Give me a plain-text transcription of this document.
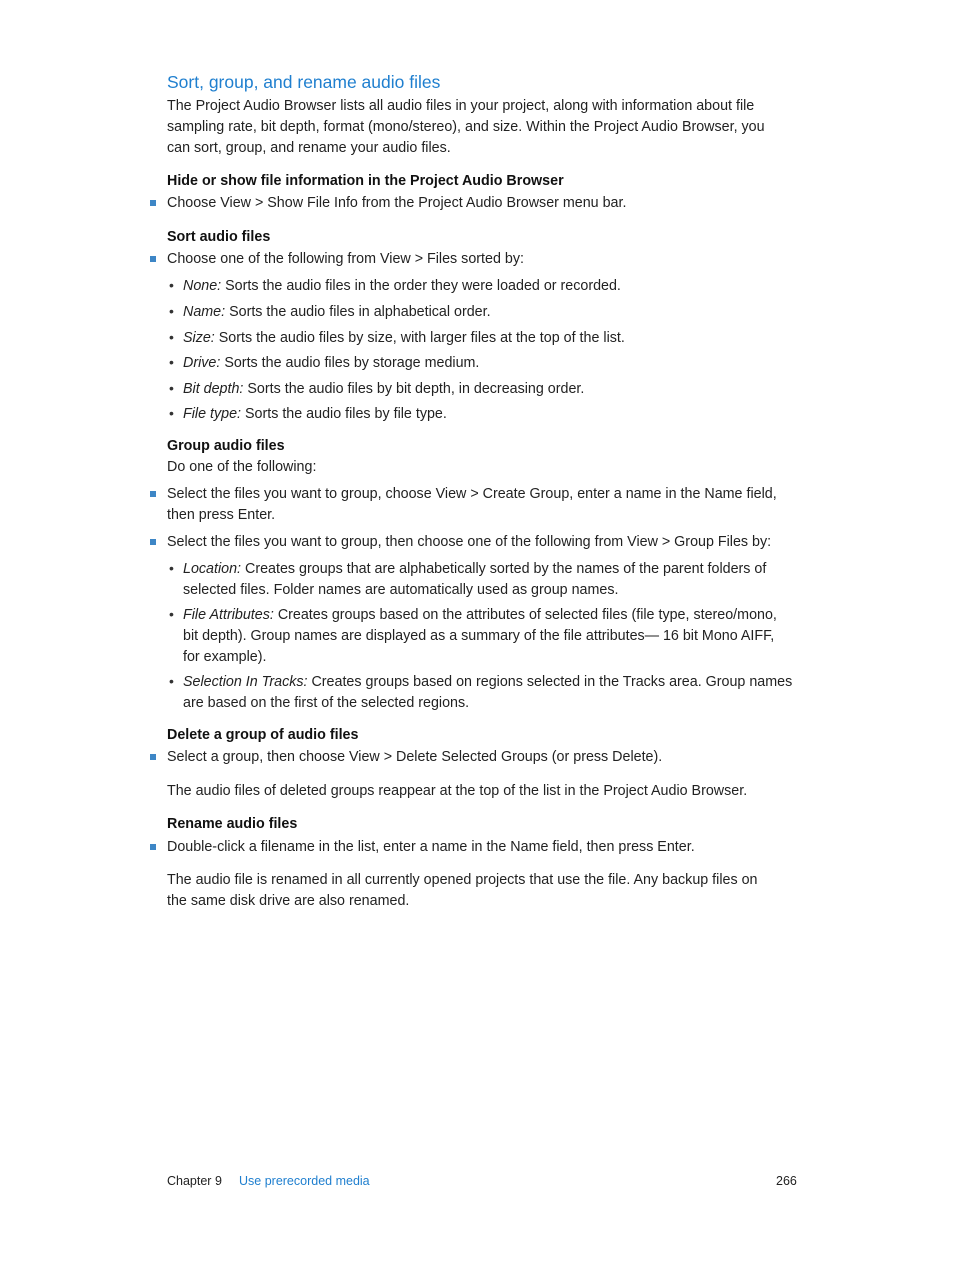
Sort, group, and rename audio files
The Project Audio Browser lists all audio files in your project, along with information about file
sampling rate, bit depth, format (mono/stereo), and size. Within the Project Audio Browser, you
can sort, group, and rename your audio files.
Hide or show file information in the Project Audio Browser
Choose View > Show File Info from the Project Audio Browser menu bar.
Sort audio files
Choose one of the following from View > Files sorted by:
• None: Sorts the audio files in the order they were loaded or recorded.
• Name: Sorts the audio files in alphabetical order.
• Size: Sorts the audio files by size, with larger files at the top of the list.
• Drive: Sorts the audio files by storage medium.
• Bit depth: Sorts the audio files by bit depth, in decreasing order.
• File type: Sorts the audio files by file type.
Group audio files
Do one of the following:
Select the files you want to group, choose View > Create Group, enter a name in the Name field,
then press Enter.
Select the files you want to group, then choose one of the following from View > Group Files by:
• Location: Creates groups that are alphabetically sorted by the names of the parent folders of
selected files. Folder names are automatically used as group names.
• File Attributes: Creates groups based on the attributes of selected files (file type, stereo/mono,
bit depth). Group names are displayed as a summary of the file attributes— 16 bit Mono AIFF,
for example).
• Selection In Tracks: Creates groups based on regions selected in the Tracks area. Group names
are based on the first of the selected regions.
Delete a group of audio files
Select a group, then choose View > Delete Selected Groups (or press Delete).
The audio files of deleted groups reappear at the top of the list in the Project Audio Browser.
Rename audio files
Double-click a filename in the list, enter a name in the Name field, then press Enter.
The audio file is renamed in all currently opened projects that use the file. Any backup files on
the same disk drive are also renamed.
Chapter 9 Use prerecorded media	266
